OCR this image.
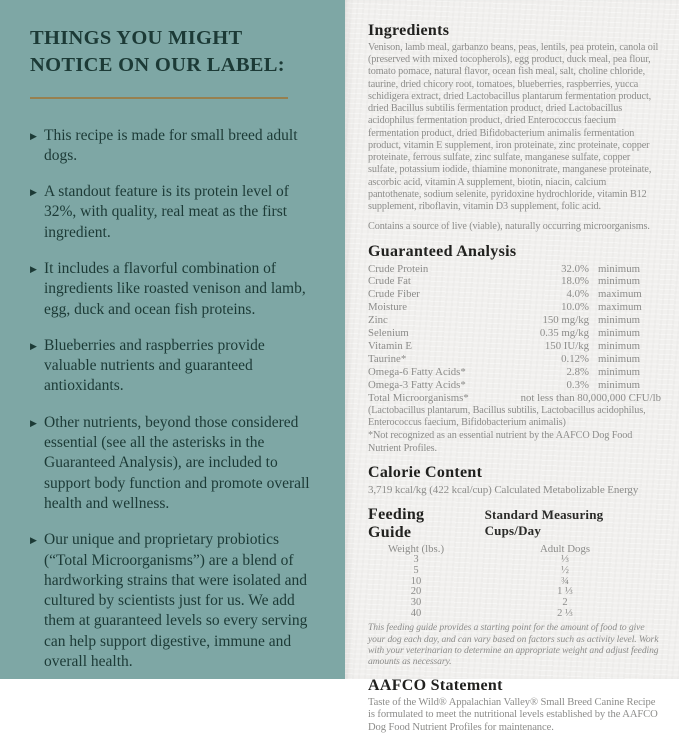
THINGS YOU MIGHT
NOTICE ON OUR LABEL:
▶ This recipe is made for small breed adult dogs.
▶ A standout feature is its protein level of 32%, with quality, real meat as the first ingredient.
▶ It includes a flavorful combination of ingredients like roasted venison and lamb, egg, duck and ocean fish proteins.
▶ Blueberries and raspberries provide valuable nutrients and guaranteed antioxidants.
▶ Other nutrients, beyond those considered essential (see all the asterisks in the Guaranteed Analysis), are included to support body function and promote overall health and wellness.
▶ Our unique and proprietary probiotics (“Total Microorganisms”) are a blend of hardworking strains that were isolated and cultured by scientists just for us. We add them at guaranteed levels so every serving can help support digestive, immune and overall health.
Ingredients

Venison, lamb meal, garbanzo beans, peas, lentils, pea protein, canola oil (preserved with mixed tocopherols), egg product, duck meal, pea flour, tomato pomace, natural flavor, ocean fish meal, salt, choline chloride, taurine, dried chicory root, tomatoes, blueberries, raspberries, yucca schidigera extract, dried Lactobacillus plantarum fermentation product, dried Bacillus subtilis fermentation product, dried Lactobacillus acidophilus fermentation product, dried Enterococcus faecium fermentation product, dried Bifidobacterium animalis fermentation product, vitamin E supplement, iron proteinate, zinc proteinate, copper proteinate, ferrous sulfate, zinc sulfate, manganese sulfate, copper sulfate, potassium iodide, thiamine mononitrate, manganese proteinate, ascorbic acid, vitamin A supplement, biotin, niacin, calcium pantothenate, sodium selenite, pyridoxine hydrochloride, vitamin B12 supplement, riboflavin, vitamin D3 supplement, folic acid.

Contains a source of live (viable), naturally occurring microorganisms.

Guaranteed Analysis
Crude Protein	32.0% minimum
Crude Fat	18.0% minimum
Crude Fiber	4.0% maximum
Moisture	10.0% maximum
Zinc	150 mg/kg minimum
Selenium	0.35 mg/kg minimum
Vitamin E	150 IU/kg minimum
Taurine*	0.12% minimum
Omega-6 Fatty Acids*	2.8% minimum
Omega-3 Fatty Acids*	0.3% minimum
Total Microorganisms*	not less than 80,000,000 CFU/lb
(Lactobacillus plantarum, Bacillus subtilis, Lactobacillus acidophilus, Enterococcus faecium, Bifidobacterium animalis)
*Not recognized as an essential nutrient by the AAFCO Dog Food Nutrient Profiles.
Calorie Content
3,719 kcal/kg (422 kcal/cup) Calculated Metabolizable Energy
Feeding Guide
Standard Measuring Cups/Day
Weight (lbs.)	Adult Dogs
3	⅓
5	½
10	¾
20	1 ⅓
30	2
40	2 ⅓
This feeding guide provides a starting point for the amount of food to give your dog each day, and can vary based on factors such as activity level. Work with your veterinarian to determine an appropriate weight and adjust feeding amounts as necessary.
AAFCO Statement
Taste of the Wild® Appalachian Valley® Small Breed Canine Recipe is formulated to meet the nutritional levels established by the AAFCO Dog Food Nutrient Profiles for maintenance.
